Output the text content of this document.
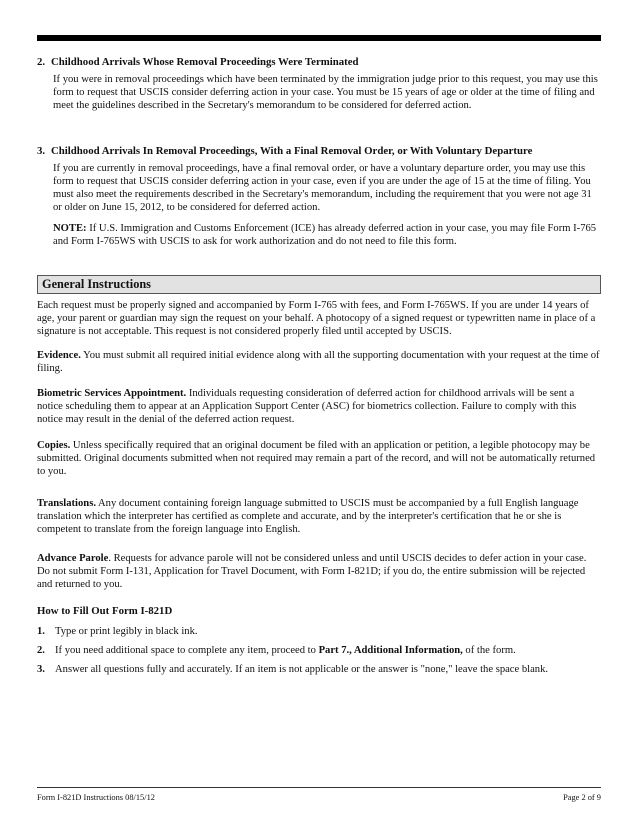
2. Childhood Arrivals Whose Removal Proceedings Were Terminated

If you were in removal proceedings which have been terminated by the immigration judge prior to this request, you may use this form to request that USCIS consider deferring action in your case. You must be 15 years of age or older at the time of filing and meet the guidelines described in the Secretary's memorandum to be considered for deferred action.

3. Childhood Arrivals In Removal Proceedings, With a Final Removal Order, or With Voluntary Departure

If you are currently in removal proceedings, have a final removal order, or have a voluntary departure order, you may use this form to request that USCIS consider deferring action in your case, even if you are under the age of 15 at the time of filing. You must also meet the requirements described in the Secretary's memorandum, including the requirement that you were not age 31 or older on June 15, 2012, to be considered for deferred action.

NOTE: If U.S. Immigration and Customs Enforcement (ICE) has already deferred action in your case, you may file Form I-765 and Form I-765WS with USCIS to ask for work authorization and do not need to file this form.

General Instructions

Each request must be properly signed and accompanied by Form I-765 with fees, and Form I-765WS. If you are under 14 years of age, your parent or guardian may sign the request on your behalf. A photocopy of a signed request or typewritten name in place of a signature is not acceptable. This request is not considered properly filed until accepted by USCIS.

Evidence. You must submit all required initial evidence along with all the supporting documentation with your request at the time of filing.

Biometric Services Appointment. Individuals requesting consideration of deferred action for childhood arrivals will be sent a notice scheduling them to appear at an Application Support Center (ASC) for biometrics collection. Failure to comply with this notice may result in the denial of the deferred action request.

Copies. Unless specifically required that an original document be filed with an application or petition, a legible photocopy may be submitted. Original documents submitted when not required may remain a part of the record, and will not be automatically returned to you.

Translations. Any document containing foreign language submitted to USCIS must be accompanied by a full English language translation which the interpreter has certified as complete and accurate, and by the interpreter's certification that he or she is competent to translate from the foreign language into English.

Advance Parole. Requests for advance parole will not be considered unless and until USCIS decides to defer action in your case. Do not submit Form I-131, Application for Travel Document, with Form I-821D; if you do, the entire submission will be rejected and returned to you.

How to Fill Out Form I-821D
1. Type or print legibly in black ink.
2. If you need additional space to complete any item, proceed to Part 7., Additional Information, of the form.
3. Answer all questions fully and accurately. If an item is not applicable or the answer is "none," leave the space blank.
Form I-821D Instructions 08/15/12	Page 2 of 9
